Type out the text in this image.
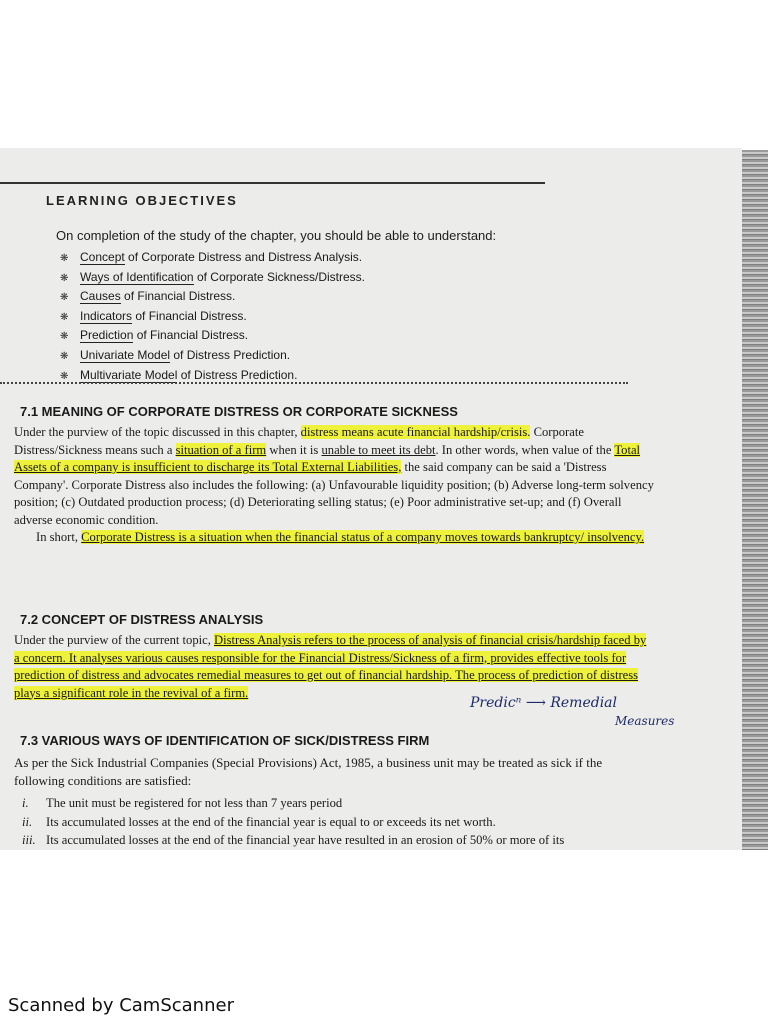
LEARNING OBJECTIVES
On completion of the study of the chapter, you should be able to understand:
❋ Concept of Corporate Distress and Distress Analysis.
❋ Ways of Identification of Corporate Sickness/Distress.
❋ Causes of Financial Distress.
❋ Indicators of Financial Distress.
❋ Prediction of Financial Distress.
❋ Univariate Model of Distress Prediction.
❋ Multivariate Model of Distress Prediction.
7.1 MEANING OF CORPORATE DISTRESS OR CORPORATE SICKNESS

Under the purview of the topic discussed in this chapter, distress means acute financial hardship/crisis. Corporate Distress/Sickness means such a situation of a firm when it is unable to meet its debt. In other words, when value of the Total Assets of a company is insufficient to discharge its Total External Liabilities, the said company can be said a 'Distress Company'. Corporate Distress also includes the following: (a) Unfavourable liquidity position; (b) Adverse long-term solvency position; (c) Outdated production process; (d) Deteriorating selling status; (e) Poor administrative set-up; and (f) Overall adverse economic condition.

In short, Corporate Distress is a situation when the financial status of a company moves towards bankruptcy/ insolvency.

7.2 CONCEPT OF DISTRESS ANALYSIS

Under the purview of the current topic, Distress Analysis refers to the process of analysis of financial crisis/hardship faced by a concern. It analyses various causes responsible for the Financial Distress/Sickness of a firm, provides effective tools for prediction of distress and advocates remedial measures to get out of financial hardship. The process of prediction of distress plays a significant role in the revival of a firm.

Predicⁿ ⟶ Remedial
Measures
7.3 VARIOUS WAYS OF IDENTIFICATION OF SICK/DISTRESS FIRM
As per the Sick Industrial Companies (Special Provisions) Act, 1985, a business unit may be treated as sick if the following conditions are satisfied:
i. The unit must be registered for not less than 7 years period
ii. Its accumulated losses at the end of the financial year is equal to or exceeds its net worth.
iii. Its accumulated losses at the end of the financial year have resulted in an erosion of 50% or more of its
Scanned by CamScanner
